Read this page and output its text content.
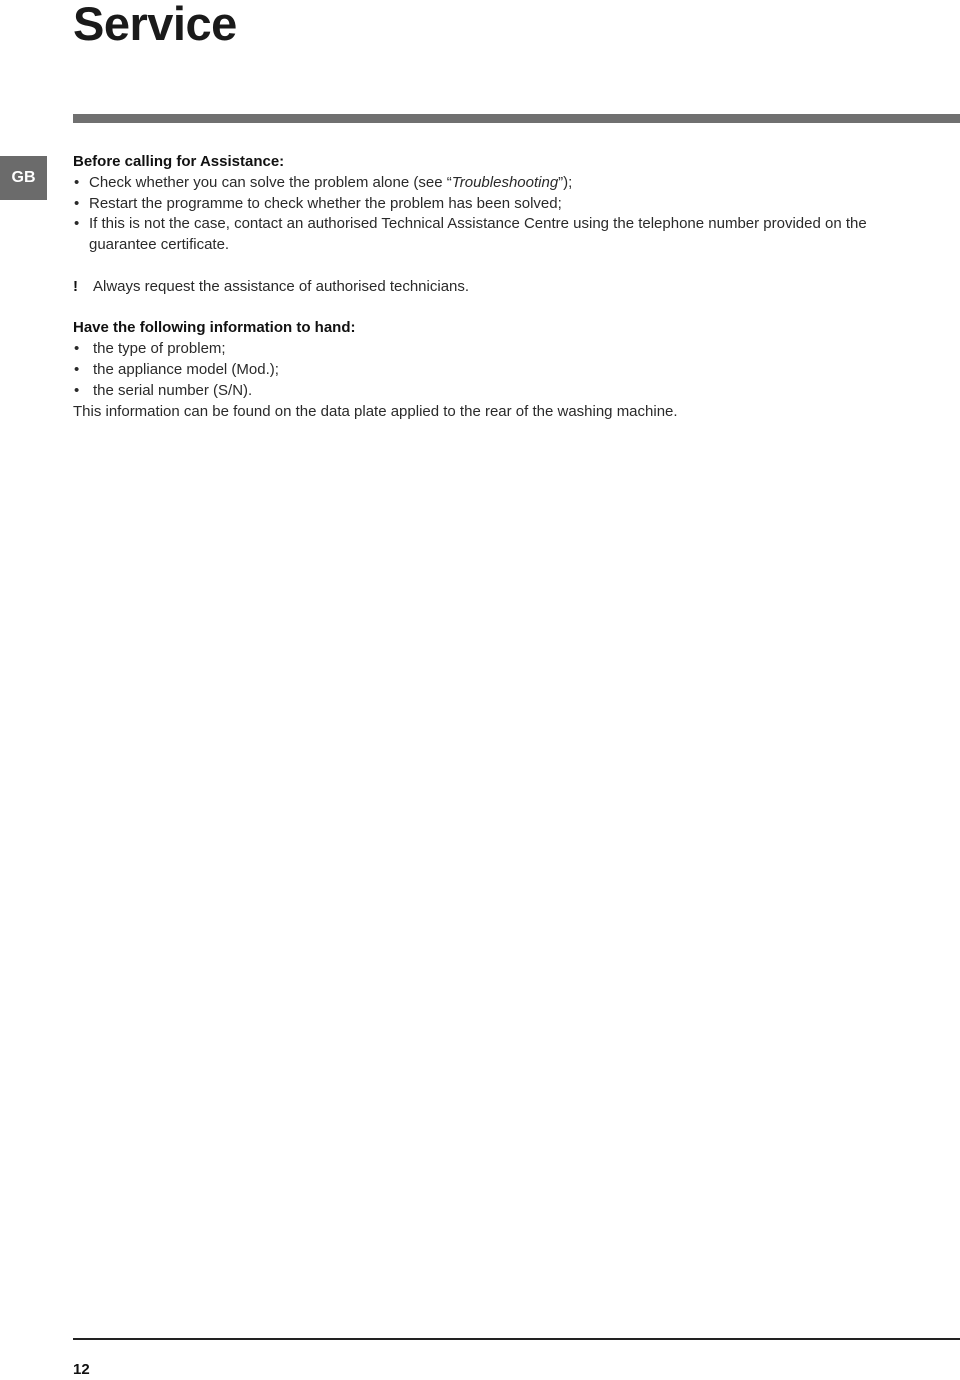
Service
GB

Before calling for Assistance:

• Check whether you can solve the problem alone (see “Troubleshooting”);
• Restart the programme to check whether the problem has been solved;
• If this is not the case, contact an authorised Technical Assistance Centre using the telephone number provided on the guarantee certificate.
! Always request the assistance of authorised technicians.

Have the following information to hand:

• the type of problem;
• the appliance model (Mod.);
• the serial number (S/N).

This information can be found on the data plate applied to the rear of the washing machine.

12
